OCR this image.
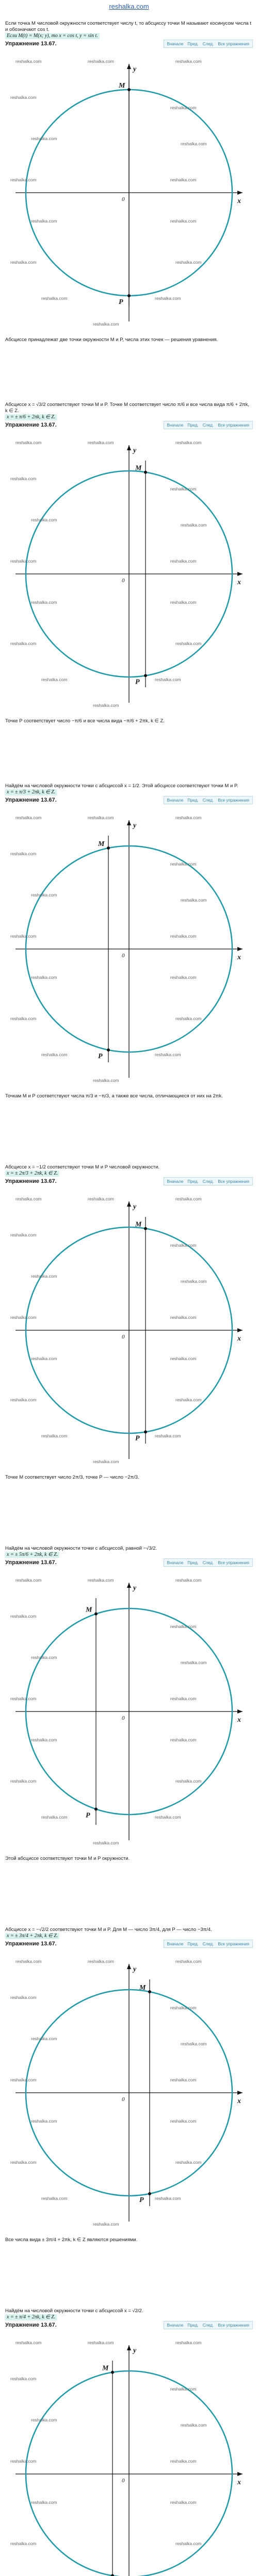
reshalka.com

Если точка M числовой окружности соответствует числу t, то абсциссу точки M называют косинусом числа t и обозначают cos t.

Если M(t) = M(x; y), то x = cos t, y = sin t.

Упражнение 13.67.	Вначале Пред. След. Все упражнения
x
y
0
M
P
reshalka.com	reshalka.com	reshalka.com
reshalka.com
reshalka.com
reshalka.com
reshalka.com
reshalka.com	reshalka.com
reshalka.com	reshalka.com
reshalka.com	reshalka.com
reshalka.com	reshalka.com
reshalka.com

Абсциссе принадлежат две точки окружности M и P, числа этих точек — решения уравнения.

Абсциссе x = √3/2 соответствуют точки M и P. Точке M соответствует число π/6 и все числа вида π/6 + 2πk, k ∈ Z.

x = ± π/6 + 2πk, k ∈ Z.

Упражнение 13.67.	Вначале Пред. След. Все упражнения
x
y
0
M
P
reshalka.com	reshalka.com	reshalka.com
reshalka.com
reshalka.com
reshalka.com
reshalka.com
reshalka.com	reshalka.com
reshalka.com	reshalka.com
reshalka.com	reshalka.com
reshalka.com	reshalka.com
reshalka.com

Точке P соответствует число −π/6 и все числа вида −π/6 + 2πk, k ∈ Z.

Найдём на числовой окружности точки с абсциссой x = 1/2. Этой абсциссе соответствуют точки M и P.

x = ± π/3 + 2πk, k ∈ Z.

Упражнение 13.67.	Вначале Пред. След. Все упражнения
x
y
0
M
P
reshalka.com	reshalka.com	reshalka.com
reshalka.com
reshalka.com
reshalka.com
reshalka.com
reshalka.com	reshalka.com
reshalka.com	reshalka.com
reshalka.com	reshalka.com
reshalka.com	reshalka.com
reshalka.com

Точкам M и P соответствуют числа π/3 и −π/3, а также все числа, отличающиеся от них на 2πk.

Абсциссе x = −1/2 соответствуют точки M и P числовой окружности.

x = ± 2π/3 + 2πk, k ∈ Z.

Упражнение 13.67.	Вначале Пред. След. Все упражнения
x
y
0
M
P
reshalka.com	reshalka.com	reshalka.com
reshalka.com
reshalka.com
reshalka.com
reshalka.com
reshalka.com	reshalka.com
reshalka.com	reshalka.com
reshalka.com	reshalka.com
reshalka.com	reshalka.com
reshalka.com

Точке M соответствует число 2π/3, точке P — число −2π/3.

Найдём на числовой окружности точки с абсциссой, равной −√3/2.

x = ± 5π/6 + 2πk, k ∈ Z.

Упражнение 13.67.	Вначале Пред. След. Все упражнения
x
y
0
M
P
reshalka.com	reshalka.com	reshalka.com
reshalka.com
reshalka.com
reshalka.com
reshalka.com
reshalka.com	reshalka.com
reshalka.com	reshalka.com
reshalka.com	reshalka.com
reshalka.com	reshalka.com
reshalka.com

Этой абсциссе соответствуют точки M и P окружности.

Абсциссе x = −√2/2 соответствуют точки M и P. Для M — число 3π/4, для P — число −3π/4.

x = ± 3π/4 + 2πk, k ∈ Z.

Упражнение 13.67.	Вначале Пред. След. Все упражнения
x
y
0
M
P
reshalka.com	reshalka.com	reshalka.com
reshalka.com
reshalka.com
reshalka.com
reshalka.com
reshalka.com	reshalka.com
reshalka.com	reshalka.com
reshalka.com	reshalka.com
reshalka.com	reshalka.com
reshalka.com

Все числа вида ± 3π/4 + 2πk, k ∈ Z являются решениями.

Найдём на числовой окружности точки с абсциссой x = √2/2.

x = ± π/4 + 2πk, k ∈ Z.

Упражнение 13.67.	Вначале Пред. След. Все упражнения
x
y
0
M
reshalka.com	reshalka.com	reshalka.com
reshalka.com
reshalka.com
reshalka.com
reshalka.com
reshalka.com	reshalka.com
reshalka.com	reshalka.com
reshalka.com	reshalka.com
